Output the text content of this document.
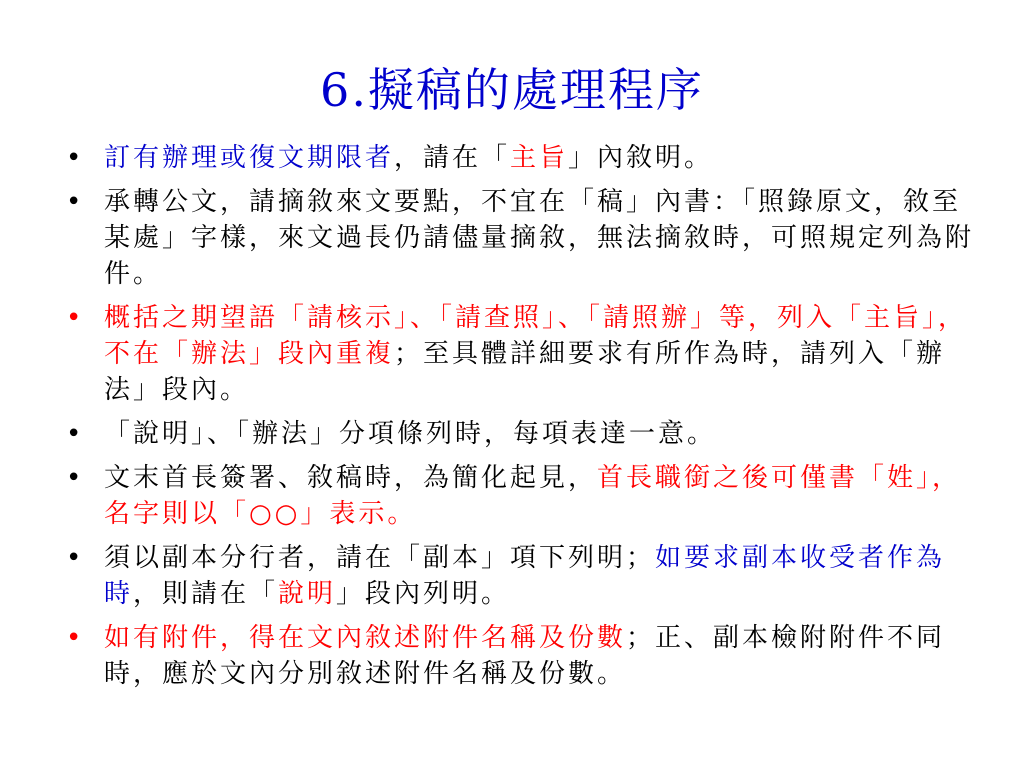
6.擬稿的處理程序
• 訂有辦理或復文期限者，請在「主旨」內敘明。
• 承轉公文，請摘敘來文要點，不宜在「稿」內書：「照錄原文，敘至某處」字樣，來文過長仍請儘量摘敘，無法摘敘時，可照規定列為附件。
• 概括之期望語「請核示」、「請查照」、「請照辦」等，列入「主旨」，不在「辦法」段內重複；至具體詳細要求有所作為時，請列入「辦法」段內。
• 「說明」、「辦法」分項條列時，每項表達一意。
• 文末首長簽署、敘稿時，為簡化起見，首長職銜之後可僅書「姓」，名字則以「○○」表示。
• 須以副本分行者，請在「副本」項下列明；如要求副本收受者作為時，則請在「說明」段內列明。
• 如有附件，得在文內敘述附件名稱及份數；正、副本檢附附件不同時，應於文內分別敘述附件名稱及份數。
